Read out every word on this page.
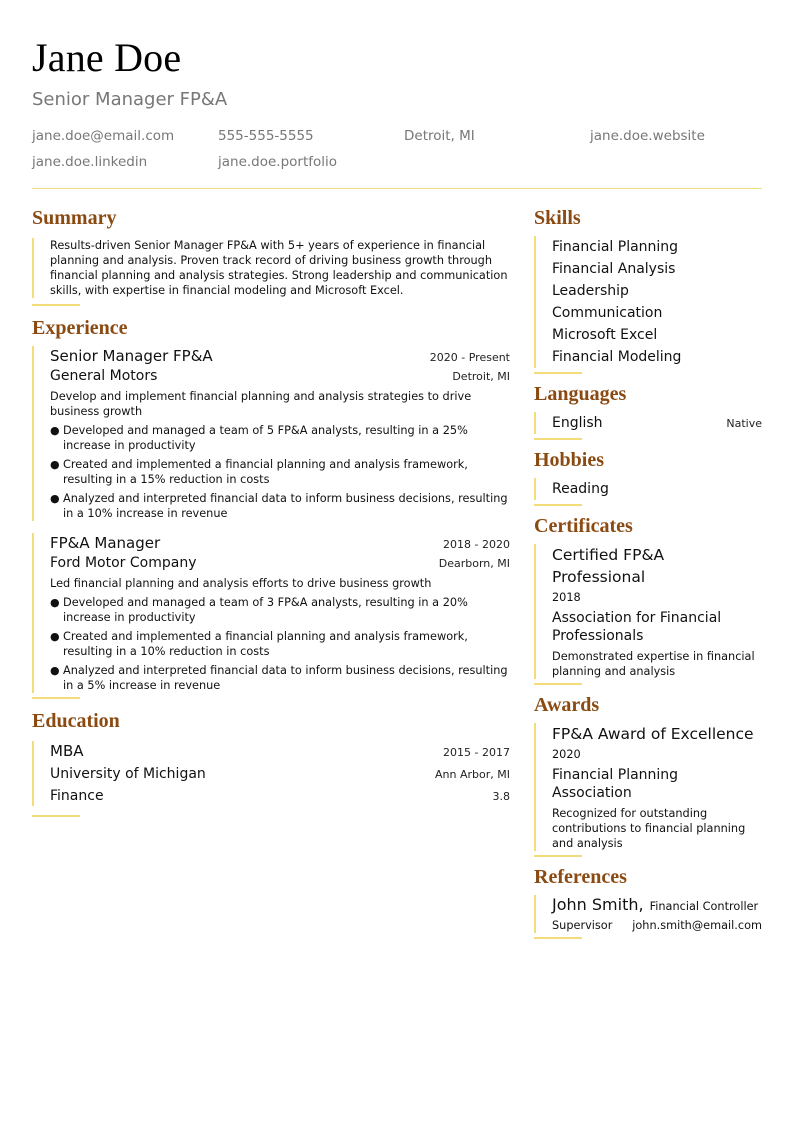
Jane Doe
Senior Manager FP&A
jane.doe@email.com	555-555-5555	Detroit, MI	jane.doe.website
jane.doe.linkedin	jane.doe.portfolio
Summary
Results-driven Senior Manager FP&A with 5+ years of experience in financial planning and analysis. Proven track record of driving business growth through financial planning and analysis strategies. Strong leadership and communication skills, with expertise in financial modeling and Microsoft Excel.
Experience
Senior Manager FP&A	2020 - Present
General Motors	Detroit, MI
Develop and implement financial planning and analysis strategies to drive business growth
● Developed and managed a team of 5 FP&A analysts, resulting in a 25% increase in productivity
● Created and implemented a financial planning and analysis framework, resulting in a 15% reduction in costs
● Analyzed and interpreted financial data to inform business decisions, resulting in a 10% increase in revenue
FP&A Manager	2018 - 2020
Ford Motor Company	Dearborn, MI
Led financial planning and analysis efforts to drive business growth
● Developed and managed a team of 3 FP&A analysts, resulting in a 20% increase in productivity
● Created and implemented a financial planning and analysis framework, resulting in a 10% reduction in costs
● Analyzed and interpreted financial data to inform business decisions, resulting in a 5% increase in revenue
Education
MBA	2015 - 2017
University of Michigan	Ann Arbor, MI
Finance	3.8
Skills
Financial Planning
Financial Analysis
Leadership
Communication
Microsoft Excel
Financial Modeling
Languages
English	Native
Hobbies
Reading
Certificates
Certified FP&A Professional
2018
Association for Financial Professionals
Demonstrated expertise in financial planning and analysis
Awards
FP&A Award of Excellence
2020
Financial Planning Association
Recognized for outstanding contributions to financial planning and analysis
References
John Smith, Financial Controller
Supervisor john.smith@email.com
